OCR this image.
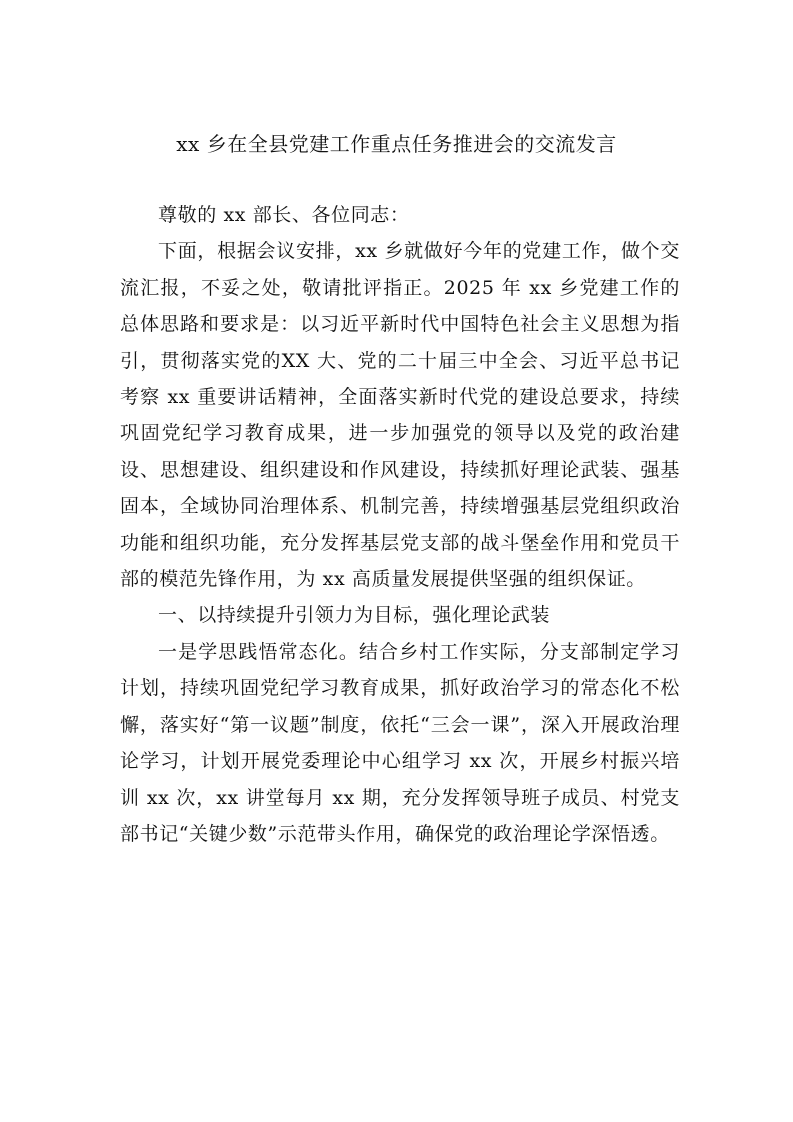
xx 乡在全县党建工作重点任务推进会的交流发言

尊敬的 xx 部长、各位同志：

下面，根据会议安排，xx 乡就做好今年的党建工作，做个交流汇报，不妥之处，敬请批评指正。2025 年 xx 乡党建工作的总体思路和要求是：以习近平新时代中国特色社会主义思想为指引，贯彻落实党的XX 大、党的二十届三中全会、习近平总书记考察 xx 重要讲话精神，全面落实新时代党的建设总要求，持续巩固党纪学习教育成果，进一步加强党的领导以及党的政治建设、思想建设、组织建设和作风建设，持续抓好理论武装、强基固本，全域协同治理体系、机制完善，持续增强基层党组织政治功能和组织功能，充分发挥基层党支部的战斗堡垒作用和党员干部的模范先锋作用，为 xx 高质量发展提供坚强的组织保证。

一、以持续提升引领力为目标，强化理论武装

一是学思践悟常态化。结合乡村工作实际，分支部制定学习计划，持续巩固党纪学习教育成果，抓好政治学习的常态化不松懈，落实好“第一议题”制度，依托“三会一课”，深入开展政治理论学习，计划开展党委理论中心组学习 xx 次，开展乡村振兴培训 xx 次，xx 讲堂每月 xx 期，充分发挥领导班子成员、村党支部书记“关键少数”示范带头作用，确保党的政治理论学深悟透。
